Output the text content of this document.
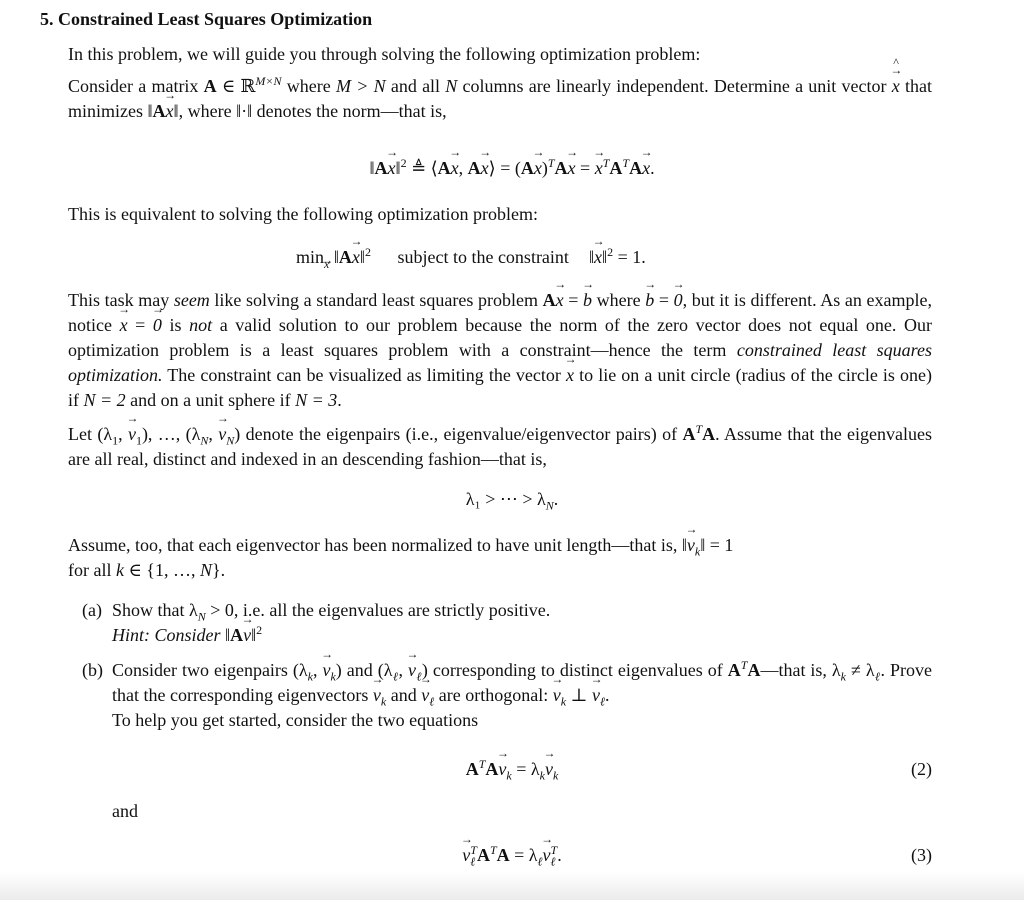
5. Constrained Least Squares Optimization
In this problem, we will guide you through solving the following optimization problem:
Consider a matrix A ∈ ℝ$^{M\times N}$ where M > N and all N columns are linearly independent. Determine a unit vector ^ x → that minimizes ‖Ax →‖, where ‖·‖ denotes the norm—that is,
‖Ax →‖$^2$ ≜ ⟨Ax →, Ax →⟩ = $(Ax \to)^TAx$ → = $x \to^TA^TAx$ →.
This is equivalent to solving the following optimization problem:
$\min_x$ ‖Ax →‖$^2$ subject to the constraint ‖x →‖$^2$ = 1.
This task may seem like solving a standard least squares problem Ax → = b → where b → = 0 →, but it is different. As an example, notice x → = 0 → is not a valid solution to our problem because the norm of the zero vector does not equal one. Our optimization problem is a least squares problem with a constraint—hence the term constrained least squares optimization. The constraint can be visualized as limiting the vector x → to lie on a unit circle (radius of the circle is one) if N = 2 and on a unit sphere if N = 3.
Let ($\lambda_1$, $v \to_1$), …, ($\lambda_N$, $v \to_N$) denote the eigenpairs (i.e., eigenvalue/eigenvector pairs) of $A^TA$. Assume that the eigenvalues are all real, distinct and indexed in an descending fashion—that is,
λ₁ > ⋯ > $\lambda_N$.
Assume, too, that each eigenvector has been normalized to have unit length—that is, ‖v $\to_k‖ = 1$
for all k ∈ {1, …, N}.
(a) Show that $\lambda_N > 0$, i.e. all the eigenvalues are strictly positive.
Hint: Consider ‖Av →‖$^2$
(b) Consider two eigenpairs ($\lambda_k$, $v \to_k$) and ($\lambda_\ell$, $v \to_\ell$) corresponding to distinct eigenvalues of $A^TA—that$ is, $\lambda_k \ne \lambda_\ell$. Prove that the corresponding eigenvectors $v \to_k$ and $v \to_\ell$ are orthogonal: $v \to_k$ ⊥ $v \to_\ell$.
To help you get started, consider the two equations
$A^TAv \to_k = \lambda_kv \to_k$	(2)
and
$v \to_\ell^TA^TA = \lambda_\ell v \to_\ell^T$.	(3)
